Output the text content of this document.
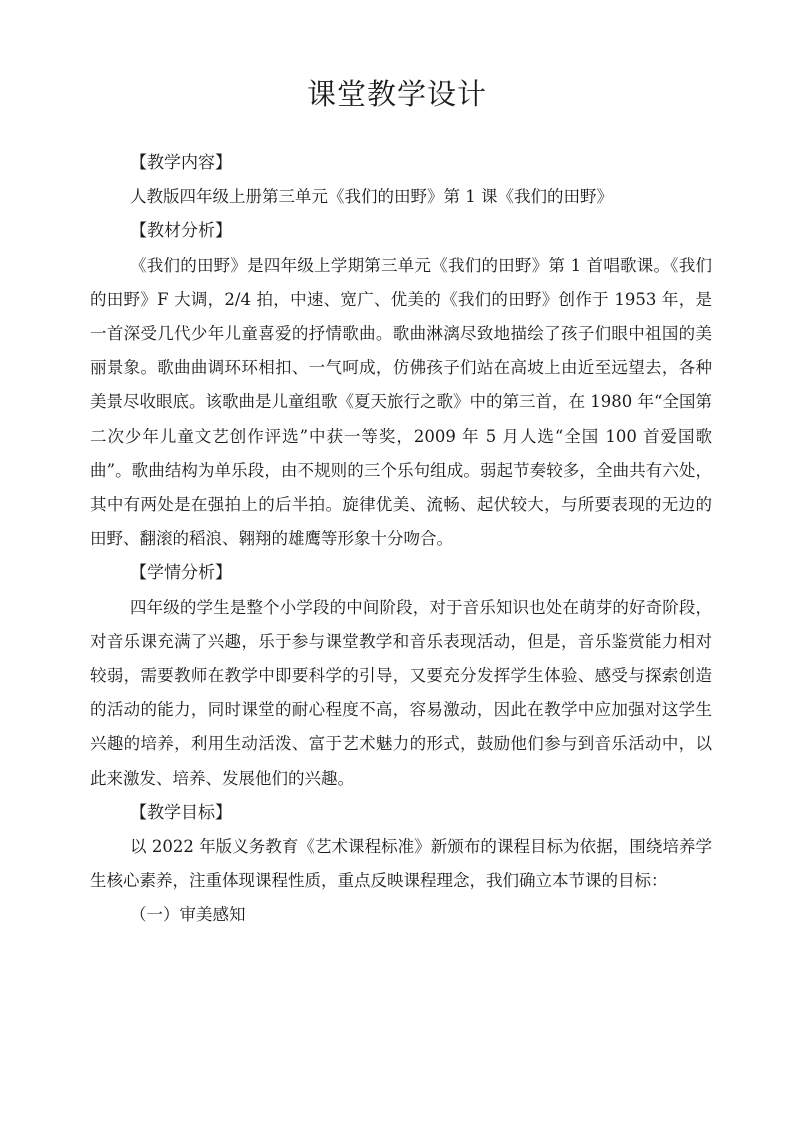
课堂教学设计

【教学内容】

人教版四年级上册第三单元《我们的田野》第 1 课《我们的田野》

【教材分析】

《我们的田野》是四年级上学期第三单元《我们的田野》第 1 首唱歌课。《我们的田野》F 大调，2/4 拍，中速、宽广、优美的《我们的田野》创作于 1953 年，是一首深受几代少年儿童喜爱的抒情歌曲。歌曲淋漓尽致地描绘了孩子们眼中祖国的美丽景象。歌曲曲调环环相扣、一气呵成，仿佛孩子们站在高坡上由近至远望去，各种美景尽收眼底。该歌曲是儿童组歌《夏天旅行之歌》中的第三首，在 1980 年“全国第二次少年儿童文艺创作评选”中获一等奖，2009 年 5 月人选“全国 100 首爱国歌曲”。歌曲结构为单乐段，由不规则的三个乐句组成。弱起节奏较多，全曲共有六处，其中有两处是在强拍上的后半拍。旋律优美、流畅、起伏较大，与所要表现的无边的田野、翻滚的稻浪、翱翔的雄鹰等形象十分吻合。

【学情分析】

四年级的学生是整个小学段的中间阶段，对于音乐知识也处在萌芽的好奇阶段，对音乐课充满了兴趣，乐于参与课堂教学和音乐表现活动，但是，音乐鉴赏能力相对较弱，需要教师在教学中即要科学的引导，又要充分发挥学生体验、感受与探索创造的活动的能力，同时课堂的耐心程度不高，容易激动，因此在教学中应加强对这学生兴趣的培养，利用生动活泼、富于艺术魅力的形式，鼓励他们参与到音乐活动中，以此来激发、培养、发展他们的兴趣。

【教学目标】

以 2022 年版义务教育《艺术课程标准》新颁布的课程目标为依据，围绕培养学生核心素养，注重体现课程性质，重点反映课程理念，我们确立本节课的目标：

（一）审美感知
